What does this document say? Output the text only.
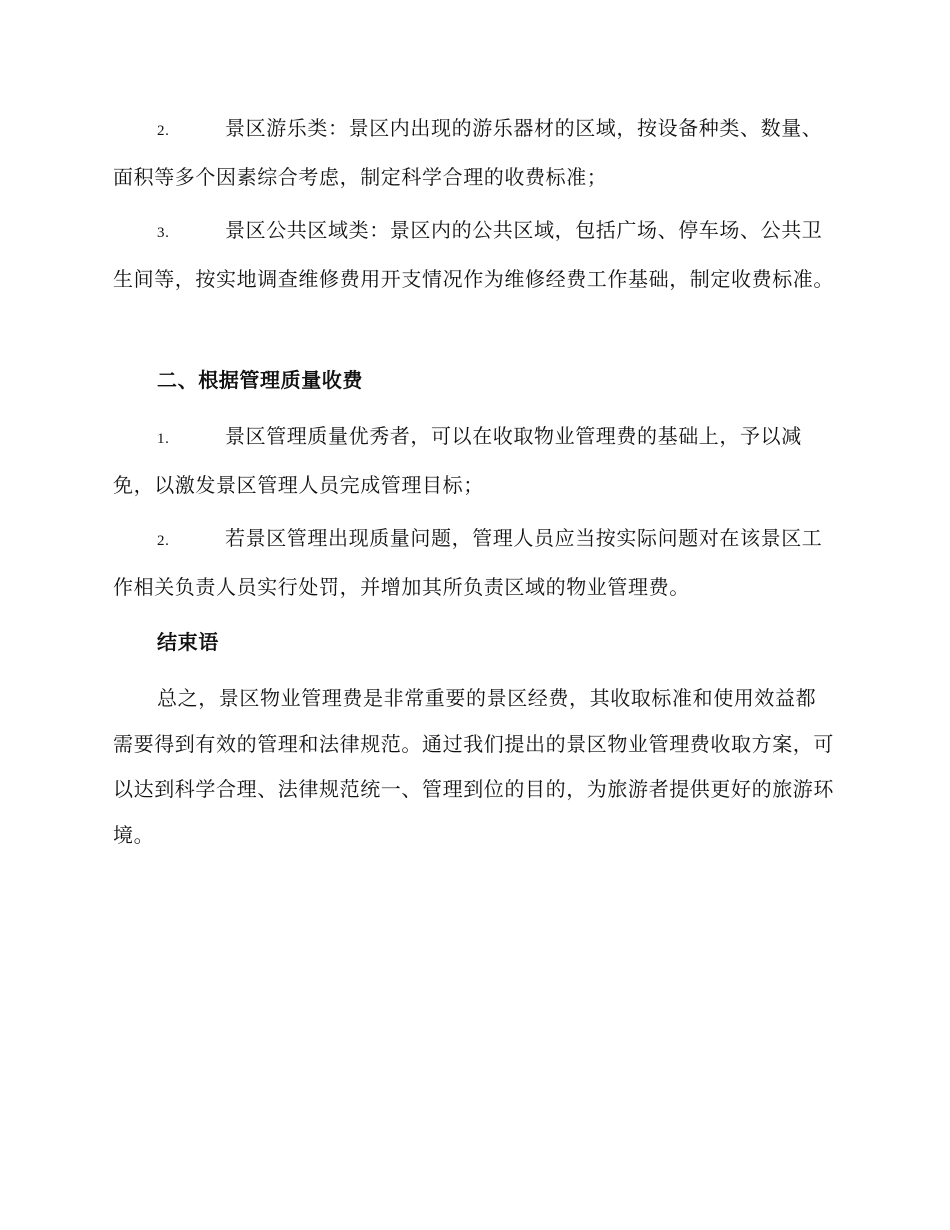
2.	景区游乐类：景区内出现的游乐器材的区域，按设备种类、数量、面积等多个因素综合考虑，制定科学合理的收费标准；

3.	景区公共区域类：景区内的公共区域，包括广场、停车场、公共卫生间等，按实地调查维修费用开支情况作为维修经费工作基础，制定收费标准。

二、根据管理质量收费

1.	景区管理质量优秀者，可以在收取物业管理费的基础上，予以减免，以激发景区管理人员完成管理目标；

2.	若景区管理出现质量问题，管理人员应当按实际问题对在该景区工作相关负责人员实行处罚，并增加其所负责区域的物业管理费。

结束语

总之，景区物业管理费是非常重要的景区经费，其收取标准和使用效益都需要得到有效的管理和法律规范。通过我们提出的景区物业管理费收取方案，可以达到科学合理、法律规范统一、管理到位的目的，为旅游者提供更好的旅游环境。
